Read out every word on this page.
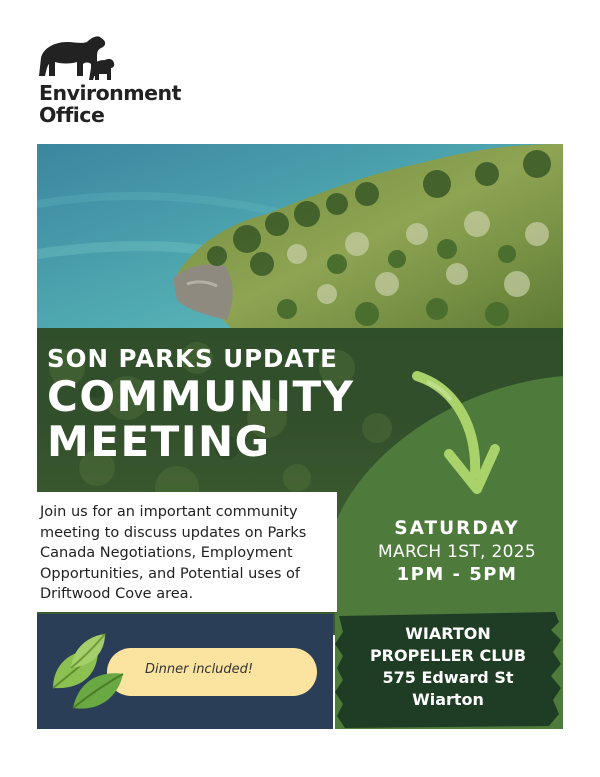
Environment
Office
SON PARKS UPDATE
COMMUNITY
MEETING
Join us for an important community meeting to discuss updates on Parks Canada Negotiations, Employment Opportunities, and Potential uses of Driftwood Cove area.
SATURDAY
MARCH 1ST, 2025
1PM - 5PM
Dinner included!
WIARTON
PROPELLER CLUB
575 Edward St
Wiarton
